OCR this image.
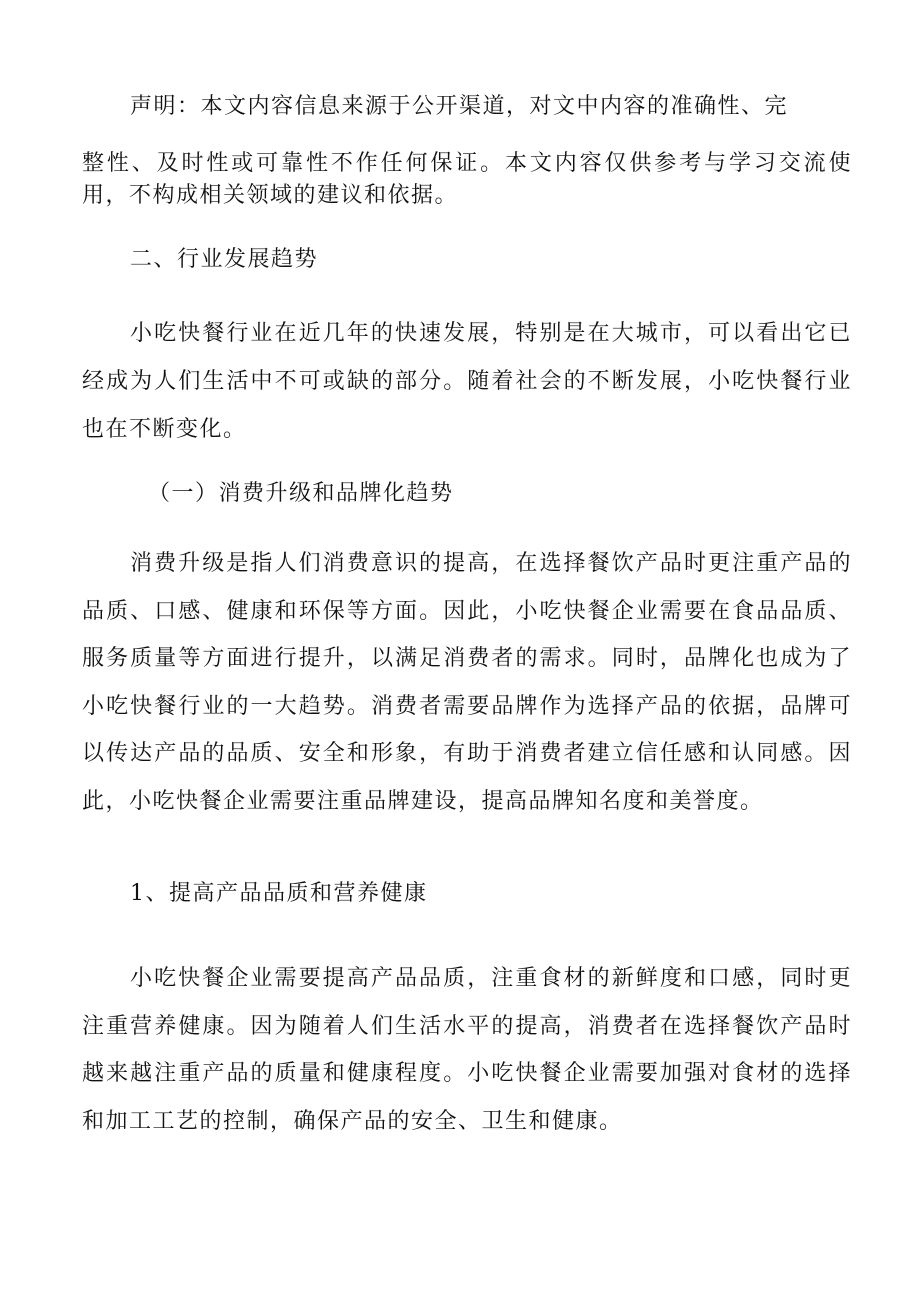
声明：本文内容信息来源于公开渠道，对文中内容的准确性、完

整性、及时性或可靠性不作任何保证。本文内容仅供参考与学习交流使用，不构成相关领域的建议和依据。

二、行业发展趋势

小吃快餐行业在近几年的快速发展，特别是在大城市，可以看出它已经成为人们生活中不可或缺的部分。随着社会的不断发展，小吃快餐行业也在不断变化。

（一）消费升级和品牌化趋势

消费升级是指人们消费意识的提高，在选择餐饮产品时更注重产品的品质、口感、健康和环保等方面。因此，小吃快餐企业需要在食品品质、服务质量等方面进行提升，以满足消费者的需求。同时，品牌化也成为了小吃快餐行业的一大趋势。消费者需要品牌作为选择产品的依据，品牌可以传达产品的品质、安全和形象，有助于消费者建立信任感和认同感。因此，小吃快餐企业需要注重品牌建设，提高品牌知名度和美誉度。

1、提高产品品质和营养健康

小吃快餐企业需要提高产品品质，注重食材的新鲜度和口感，同时更注重营养健康。因为随着人们生活水平的提高，消费者在选择餐饮产品时越来越注重产品的质量和健康程度。小吃快餐企业需要加强对食材的选择和加工工艺的控制，确保产品的安全、卫生和健康。
